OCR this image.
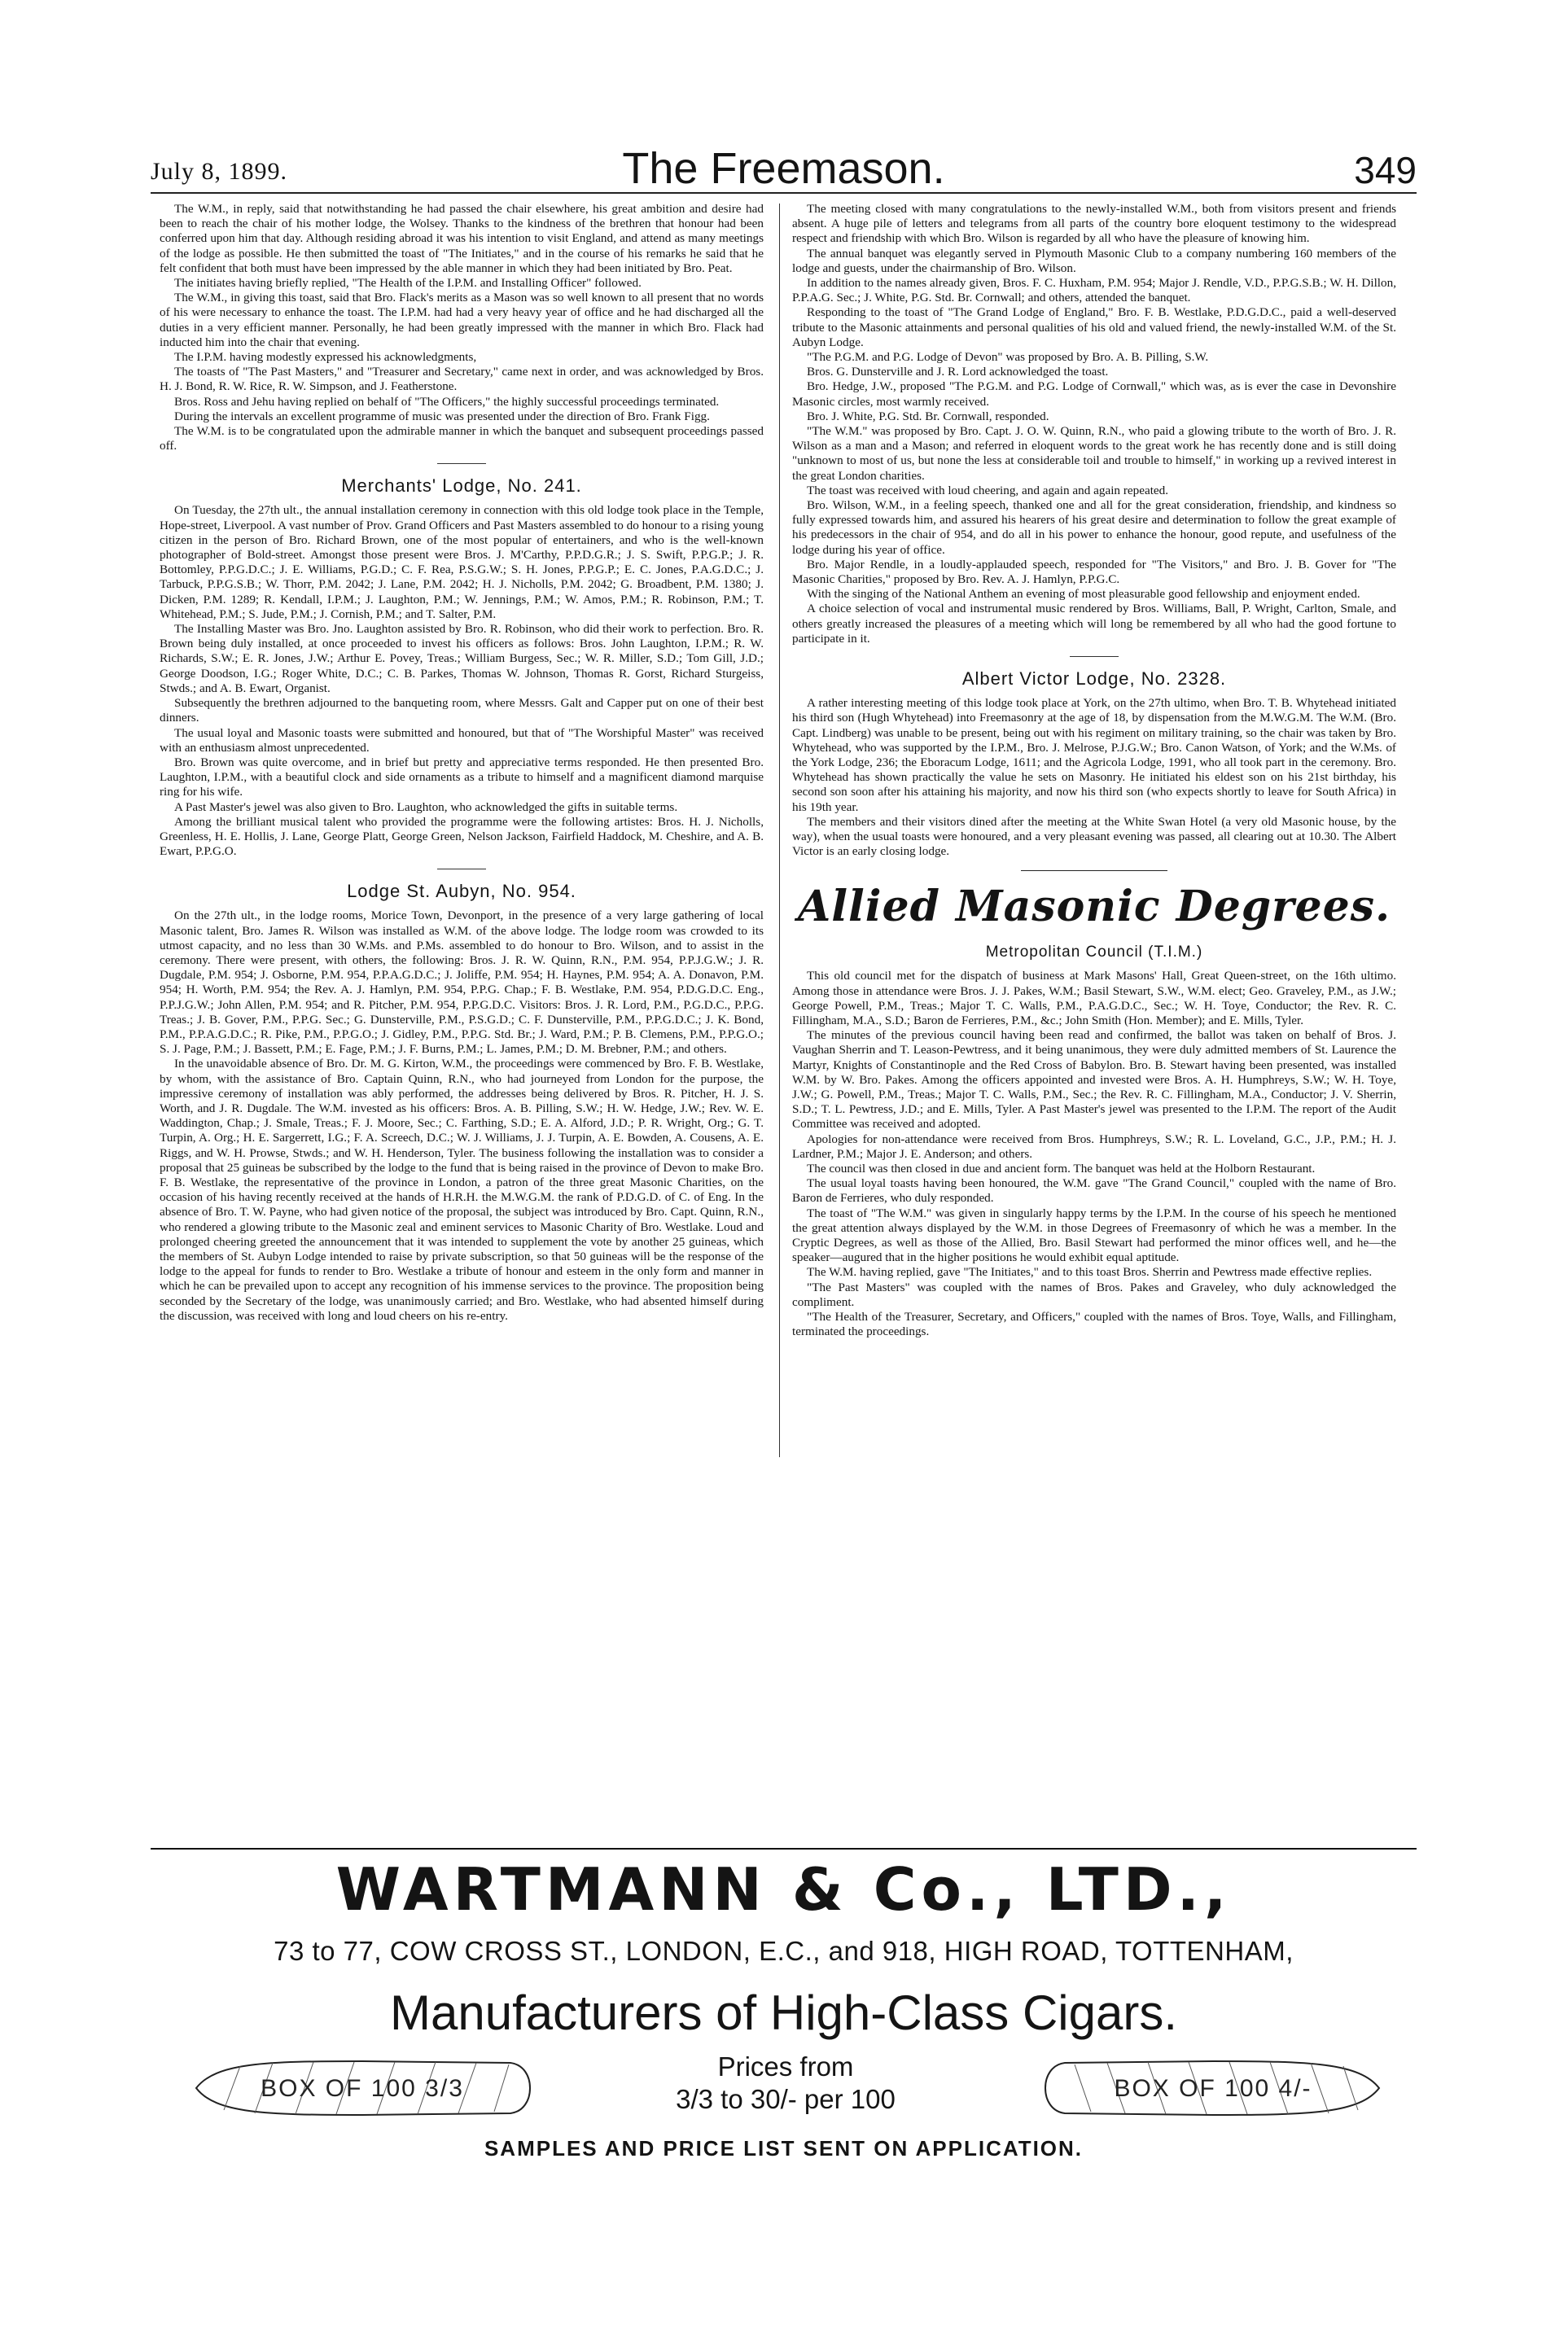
July 8, 1899.	The Freemason.	349

The W.M., in reply, said that notwithstanding he had passed the chair elsewhere, his great ambition and desire had been to reach the chair of his mother lodge, the Wolsey. Thanks to the kindness of the brethren that honour had been conferred upon him that day. Although residing abroad it was his intention to visit England, and attend as many meetings of the lodge as possible. He then submitted the toast of "The Initiates," and in the course of his remarks he said that he felt confident that both must have been impressed by the able manner in which they had been initiated by Bro. Peat.

The initiates having briefly replied, "The Health of the I.P.M. and Installing Officer" followed.

The W.M., in giving this toast, said that Bro. Flack's merits as a Mason was so well known to all present that no words of his were necessary to enhance the toast. The I.P.M. had had a very heavy year of office and he had discharged all the duties in a very efficient manner. Personally, he had been greatly impressed with the manner in which Bro. Flack had inducted him into the chair that evening.

The I.P.M. having modestly expressed his acknowledgments,

The toasts of "The Past Masters," and "Treasurer and Secretary," came next in order, and was acknowledged by Bros. H. J. Bond, R. W. Rice, R. W. Simpson, and J. Featherstone.

Bros. Ross and Jehu having replied on behalf of "The Officers," the highly successful proceedings terminated.

During the intervals an excellent programme of music was presented under the direction of Bro. Frank Figg.

The W.M. is to be congratulated upon the admirable manner in which the banquet and subsequent proceedings passed off.

Merchants' Lodge, No. 241.

On Tuesday, the 27th ult., the annual installation ceremony in connection with this old lodge took place in the Temple, Hope-street, Liverpool. A vast number of Prov. Grand Officers and Past Masters assembled to do honour to a rising young citizen in the person of Bro. Richard Brown, one of the most popular of entertainers, and who is the well-known photographer of Bold-street. Amongst those present were Bros. J. M'Carthy, P.P.D.G.R.; J. S. Swift, P.P.G.P.; J. R. Bottomley, P.P.G.D.C.; J. E. Williams, P.G.D.; C. F. Rea, P.S.G.W.; S. H. Jones, P.P.G.P.; E. C. Jones, P.A.G.D.C.; J. Tarbuck, P.P.G.S.B.; W. Thorr, P.M. 2042; J. Lane, P.M. 2042; H. J. Nicholls, P.M. 2042; G. Broadbent, P.M. 1380; J. Dicken, P.M. 1289; R. Kendall, I.P.M.; J. Laughton, P.M.; W. Jennings, P.M.; W. Amos, P.M.; R. Robinson, P.M.; T. Whitehead, P.M.; S. Jude, P.M.; J. Cornish, P.M.; and T. Salter, P.M.

The Installing Master was Bro. Jno. Laughton assisted by Bro. R. Robinson, who did their work to perfection. Bro. R. Brown being duly installed, at once proceeded to invest his officers as follows: Bros. John Laughton, I.P.M.; R. W. Richards, S.W.; E. R. Jones, J.W.; Arthur E. Povey, Treas.; William Burgess, Sec.; W. R. Miller, S.D.; Tom Gill, J.D.; George Doodson, I.G.; Roger White, D.C.; C. B. Parkes, Thomas W. Johnson, Thomas R. Gorst, Richard Sturgeiss, Stwds.; and A. B. Ewart, Organist.

Subsequently the brethren adjourned to the banqueting room, where Messrs. Galt and Capper put on one of their best dinners.

The usual loyal and Masonic toasts were submitted and honoured, but that of "The Worshipful Master" was received with an enthusiasm almost unprecedented.

Bro. Brown was quite overcome, and in brief but pretty and appreciative terms responded. He then presented Bro. Laughton, I.P.M., with a beautiful clock and side ornaments as a tribute to himself and a magnificent diamond marquise ring for his wife.

A Past Master's jewel was also given to Bro. Laughton, who acknowledged the gifts in suitable terms.

Among the brilliant musical talent who provided the programme were the following artistes: Bros. H. J. Nicholls, Greenless, H. E. Hollis, J. Lane, George Platt, George Green, Nelson Jackson, Fairfield Haddock, M. Cheshire, and A. B. Ewart, P.P.G.O.

Lodge St. Aubyn, No. 954.

On the 27th ult., in the lodge rooms, Morice Town, Devonport, in the presence of a very large gathering of local Masonic talent, Bro. James R. Wilson was installed as W.M. of the above lodge. The lodge room was crowded to its utmost capacity, and no less than 30 W.Ms. and P.Ms. assembled to do honour to Bro. Wilson, and to assist in the ceremony. There were present, with others, the following: Bros. J. R. W. Quinn, R.N., P.M. 954, P.P.J.G.W.; J. R. Dugdale, P.M. 954; J. Osborne, P.M. 954, P.P.A.G.D.C.; J. Joliffe, P.M. 954; H. Haynes, P.M. 954; A. A. Donavon, P.M. 954; H. Worth, P.M. 954; the Rev. A. J. Hamlyn, P.M. 954, P.P.G. Chap.; F. B. Westlake, P.M. 954, P.D.G.D.C. Eng., P.P.J.G.W.; John Allen, P.M. 954; and R. Pitcher, P.M. 954, P.P.G.D.C. Visitors: Bros. J. R. Lord, P.M., P.G.D.C., P.P.G. Treas.; J. B. Gover, P.M., P.P.G. Sec.; G. Dunsterville, P.M., P.S.G.D.; C. F. Dunsterville, P.M., P.P.G.D.C.; J. K. Bond, P.M., P.P.A.G.D.C.; R. Pike, P.M., P.P.G.O.; J. Gidley, P.M., P.P.G. Std. Br.; J. Ward, P.M.; P. B. Clemens, P.M., P.P.G.O.; S. J. Page, P.M.; J. Bassett, P.M.; E. Fage, P.M.; J. F. Burns, P.M.; L. James, P.M.; D. M. Brebner, P.M.; and others.

In the unavoidable absence of Bro. Dr. M. G. Kirton, W.M., the proceedings were commenced by Bro. F. B. Westlake, by whom, with the assistance of Bro. Captain Quinn, R.N., who had journeyed from London for the purpose, the impressive ceremony of installation was ably performed, the addresses being delivered by Bros. R. Pitcher, H. J. S. Worth, and J. R. Dugdale. The W.M. invested as his officers: Bros. A. B. Pilling, S.W.; H. W. Hedge, J.W.; Rev. W. E. Waddington, Chap.; J. Smale, Treas.; F. J. Moore, Sec.; C. Farthing, S.D.; E. A. Alford, J.D.; P. R. Wright, Org.; G. T. Turpin, A. Org.; H. E. Sargerrett, I.G.; F. A. Screech, D.C.; W. J. Williams, J. J. Turpin, A. E. Bowden, A. Cousens, A. E. Riggs, and W. H. Prowse, Stwds.; and W. H. Henderson, Tyler. The business following the installation was to consider a proposal that 25 guineas be subscribed by the lodge to the fund that is being raised in the province of Devon to make Bro. F. B. Westlake, the representative of the province in London, a patron of the three great Masonic Charities, on the occasion of his having recently received at the hands of H.R.H. the M.W.G.M. the rank of P.D.G.D. of C. of Eng. In the absence of Bro. T. W. Payne, who had given notice of the proposal, the subject was introduced by Bro. Capt. Quinn, R.N., who rendered a glowing tribute to the Masonic zeal and eminent services to Masonic Charity of Bro. Westlake. Loud and prolonged cheering greeted the announcement that it was intended to supplement the vote by another 25 guineas, which the members of St. Aubyn Lodge intended to raise by private subscription, so that 50 guineas will be the response of the lodge to the appeal for funds to render to Bro. Westlake a tribute of honour and esteem in the only form and manner in which he can be prevailed upon to accept any recognition of his immense services to the province. The proposition being seconded by the Secretary of the lodge, was unanimously carried; and Bro. Westlake, who had absented himself during the discussion, was received with long and loud cheers on his re-entry.

The meeting closed with many congratulations to the newly-installed W.M., both from visitors present and friends absent. A huge pile of letters and telegrams from all parts of the country bore eloquent testimony to the widespread respect and friendship with which Bro. Wilson is regarded by all who have the pleasure of knowing him.

The annual banquet was elegantly served in Plymouth Masonic Club to a company numbering 160 members of the lodge and guests, under the chairmanship of Bro. Wilson.

In addition to the names already given, Bros. F. C. Huxham, P.M. 954; Major J. Rendle, V.D., P.P.G.S.B.; W. H. Dillon, P.P.A.G. Sec.; J. White, P.G. Std. Br. Cornwall; and others, attended the banquet.

Responding to the toast of "The Grand Lodge of England," Bro. F. B. Westlake, P.D.G.D.C., paid a well-deserved tribute to the Masonic attainments and personal qualities of his old and valued friend, the newly-installed W.M. of the St. Aubyn Lodge.

"The P.G.M. and P.G. Lodge of Devon" was proposed by Bro. A. B. Pilling, S.W.

Bros. G. Dunsterville and J. R. Lord acknowledged the toast.

Bro. Hedge, J.W., proposed "The P.G.M. and P.G. Lodge of Cornwall," which was, as is ever the case in Devonshire Masonic circles, most warmly received.

Bro. J. White, P.G. Std. Br. Cornwall, responded.

"The W.M." was proposed by Bro. Capt. J. O. W. Quinn, R.N., who paid a glowing tribute to the worth of Bro. J. R. Wilson as a man and a Mason; and referred in eloquent words to the great work he has recently done and is still doing "unknown to most of us, but none the less at considerable toil and trouble to himself," in working up a revived interest in the great London charities.

The toast was received with loud cheering, and again and again repeated.

Bro. Wilson, W.M., in a feeling speech, thanked one and all for the great consideration, friendship, and kindness so fully expressed towards him, and assured his hearers of his great desire and determination to follow the great example of his predecessors in the chair of 954, and do all in his power to enhance the honour, good repute, and usefulness of the lodge during his year of office.

Bro. Major Rendle, in a loudly-applauded speech, responded for "The Visitors," and Bro. J. B. Gover for "The Masonic Charities," proposed by Bro. Rev. A. J. Hamlyn, P.P.G.C.

With the singing of the National Anthem an evening of most pleasurable good fellowship and enjoyment ended.

A choice selection of vocal and instrumental music rendered by Bros. Williams, Ball, P. Wright, Carlton, Smale, and others greatly increased the pleasures of a meeting which will long be remembered by all who had the good fortune to participate in it.

Albert Victor Lodge, No. 2328.

A rather interesting meeting of this lodge took place at York, on the 27th ultimo, when Bro. T. B. Whytehead initiated his third son (Hugh Whytehead) into Freemasonry at the age of 18, by dispensation from the M.W.G.M. The W.M. (Bro. Capt. Lindberg) was unable to be present, being out with his regiment on military training, so the chair was taken by Bro. Whytehead, who was supported by the I.P.M., Bro. J. Melrose, P.J.G.W.; Bro. Canon Watson, of York; and the W.Ms. of the York Lodge, 236; the Eboracum Lodge, 1611; and the Agricola Lodge, 1991, who all took part in the ceremony. Bro. Whytehead has shown practically the value he sets on Masonry. He initiated his eldest son on his 21st birthday, his second son soon after his attaining his majority, and now his third son (who expects shortly to leave for South Africa) in his 19th year.

The members and their visitors dined after the meeting at the White Swan Hotel (a very old Masonic house, by the way), when the usual toasts were honoured, and a very pleasant evening was passed, all clearing out at 10.30. The Albert Victor is an early closing lodge.

Allied Masonic Degrees.
Metropolitan Council (T.I.M.)

This old council met for the dispatch of business at Mark Masons' Hall, Great Queen-street, on the 16th ultimo. Among those in attendance were Bros. J. J. Pakes, W.M.; Basil Stewart, S.W., W.M. elect; Geo. Graveley, P.M., as J.W.; George Powell, P.M., Treas.; Major T. C. Walls, P.M., P.A.G.D.C., Sec.; W. H. Toye, Conductor; the Rev. R. C. Fillingham, M.A., S.D.; Baron de Ferrieres, P.M., &c.; John Smith (Hon. Member); and E. Mills, Tyler.

The minutes of the previous council having been read and confirmed, the ballot was taken on behalf of Bros. J. Vaughan Sherrin and T. Leason-Pewtress, and it being unanimous, they were duly admitted members of St. Laurence the Martyr, Knights of Constantinople and the Red Cross of Babylon. Bro. B. Stewart having been presented, was installed W.M. by W. Bro. Pakes. Among the officers appointed and invested were Bros. A. H. Humphreys, S.W.; W. H. Toye, J.W.; G. Powell, P.M., Treas.; Major T. C. Walls, P.M., Sec.; the Rev. R. C. Fillingham, M.A., Conductor; J. V. Sherrin, S.D.; T. L. Pewtress, J.D.; and E. Mills, Tyler. A Past Master's jewel was presented to the I.P.M. The report of the Audit Committee was received and adopted.

Apologies for non-attendance were received from Bros. Humphreys, S.W.; R. L. Loveland, G.C., J.P., P.M.; H. J. Lardner, P.M.; Major J. E. Anderson; and others.

The council was then closed in due and ancient form. The banquet was held at the Holborn Restaurant.

The usual loyal toasts having been honoured, the W.M. gave "The Grand Council," coupled with the name of Bro. Baron de Ferrieres, who duly responded.

The toast of "The W.M." was given in singularly happy terms by the I.P.M. In the course of his speech he mentioned the great attention always displayed by the W.M. in those Degrees of Freemasonry of which he was a member. In the Cryptic Degrees, as well as those of the Allied, Bro. Basil Stewart had performed the minor offices well, and he—the speaker—augured that in the higher positions he would exhibit equal aptitude.

The W.M. having replied, gave "The Initiates," and to this toast Bros. Sherrin and Pewtress made effective replies.

"The Past Masters" was coupled with the names of Bros. Pakes and Graveley, who duly acknowledged the compliment.

"The Health of the Treasurer, Secretary, and Officers," coupled with the names of Bros. Toye, Walls, and Fillingham, terminated the proceedings.

WARTMANN & Co., LTD.,
73 to 77, COW CROSS ST., LONDON, E.C., and 918, HIGH ROAD, TOTTENHAM,
Manufacturers of High-Class Cigars.
BOX OF 100 3/3
Prices from
3/3 to 30/- per 100	BOX OF 100 4/-
SAMPLES AND PRICE LIST SENT ON APPLICATION.
